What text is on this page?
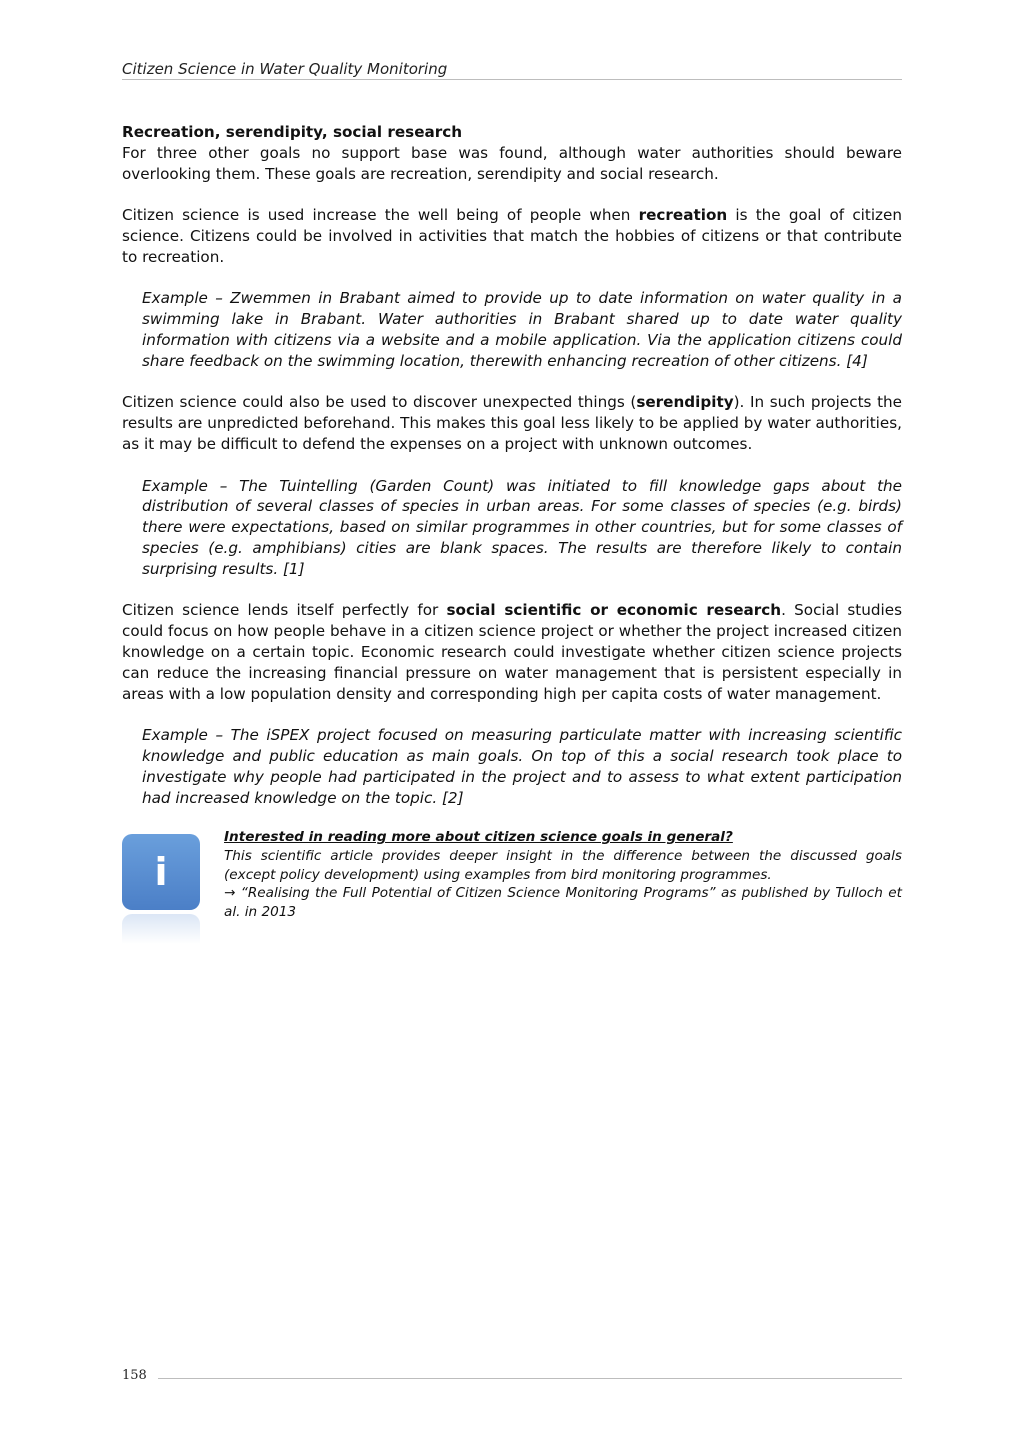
Citizen Science in Water Quality Monitoring

Recreation, serendipity, social research
For three other goals no support base was found, although water authorities should beware overlooking them. These goals are recreation, serendipity and social research.

Citizen science is used increase the well being of people when recreation is the goal of citizen science. Citizens could be involved in activities that match the hobbies of citizens or that contribute to recreation.

Example – Zwemmen in Brabant aimed to provide up to date information on water quality in a swimming lake in Brabant. Water authorities in Brabant shared up to date water quality information with citizens via a website and a mobile application. Via the application citizens could share feedback on the swimming location, therewith enhancing recreation of other citizens. [4]

Citizen science could also be used to discover unexpected things (serendipity). In such projects the results are unpredicted beforehand. This makes this goal less likely to be applied by water authorities, as it may be difficult to defend the expenses on a project with unknown outcomes.

Example – The Tuintelling (Garden Count) was initiated to fill knowledge gaps about the distribution of several classes of species in urban areas. For some classes of species (e.g. birds) there were expectations, based on similar programmes in other countries, but for some classes of species (e.g. amphibians) cities are blank spaces. The results are therefore likely to contain surprising results. [1]

Citizen science lends itself perfectly for social scientific or economic research. Social studies could focus on how people behave in a citizen science project or whether the project increased citizen knowledge on a certain topic. Economic research could investigate whether citizen science projects can reduce the increasing financial pressure on water management that is persistent especially in areas with a low population density and corresponding high per capita costs of water management.

Example – The iSPEX project focused on measuring particulate matter with increasing scientific knowledge and public education as main goals. On top of this a social research took place to investigate why people had participated in the project and to assess to what extent participation had increased knowledge on the topic. [2]

i
Interested in reading more about citizen science goals in general?
This scientific article provides deeper insight in the difference between the discussed goals (except policy development) using examples from bird monitoring programmes.
→ “Realising the Full Potential of Citizen Science Monitoring Programs” as published by Tulloch et al. in 2013
158
